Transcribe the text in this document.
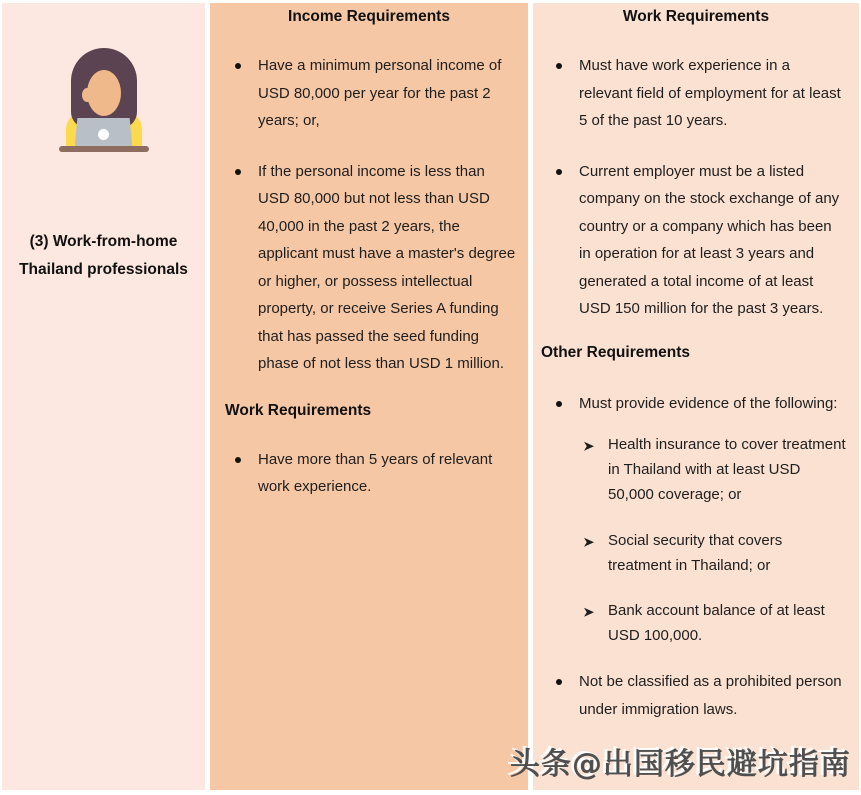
(3) Work-from-home Thailand professionals
Income Requirements
Have a minimum personal income of USD 80,000 per year for the past 2 years; or,
If the personal income is less than USD 80,000 but not less than USD 40,000 in the past 2 years, the applicant must have a master's degree or higher, or possess intellectual property, or receive Series A funding that has passed the seed funding phase of not less than USD 1 million.
Work Requirements
Have more than 5 years of relevant work experience.
Work Requirements
Must have work experience in a relevant field of employment for at least 5 of the past 10 years.
Current employer must be a listed company on the stock exchange of any country or a company which has been in operation for at least 3 years and generated a total income of at least USD 150 million for the past 3 years.
Other Requirements
Must provide evidence of the following:
Health insurance to cover treatment in Thailand with at least USD 50,000 coverage; or
Social security that covers treatment in Thailand; or
Bank account balance of at least USD 100,000.
Not be classified as a prohibited person under immigration laws.
头条@出国移民避坑指南
